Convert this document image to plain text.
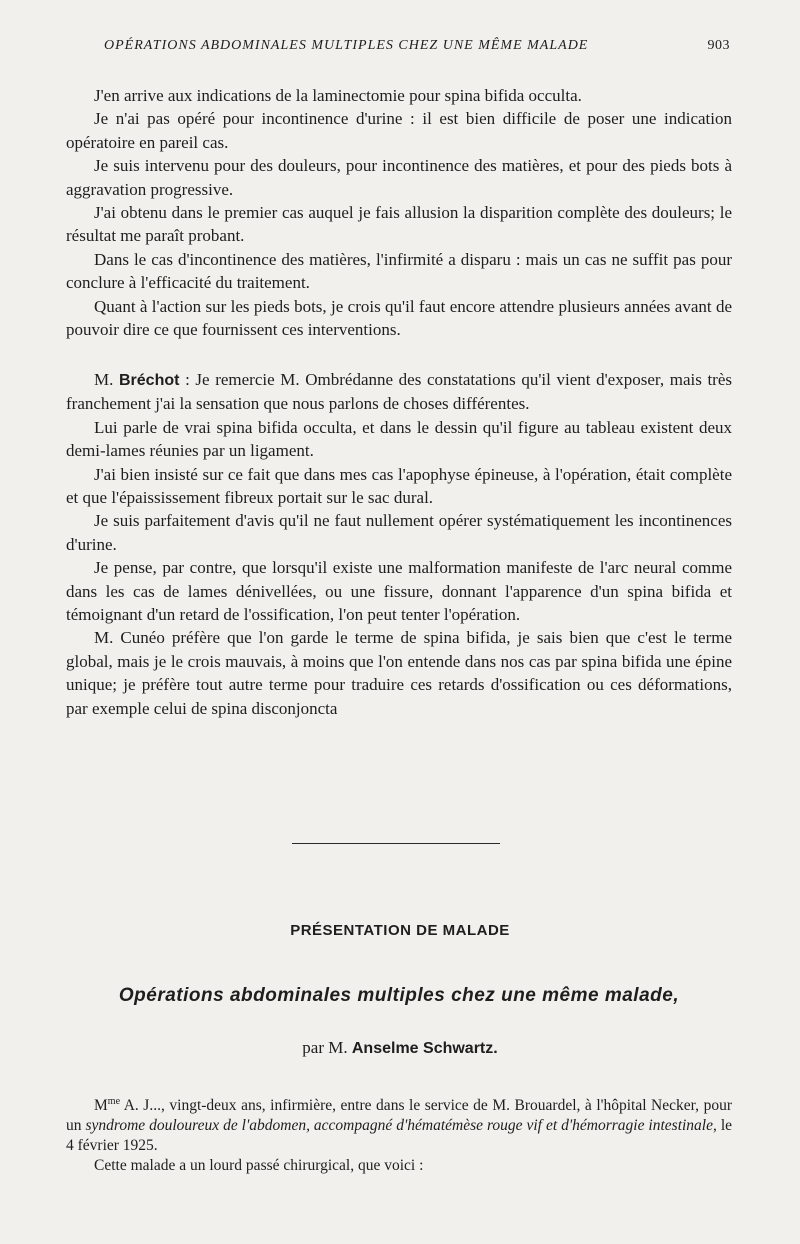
OPÉRATIONS ABDOMINALES MULTIPLES CHEZ UNE MÊME MALADE	903

J'en arrive aux indications de la laminectomie pour spina bifida occulta.

Je n'ai pas opéré pour incontinence d'urine : il est bien difficile de poser une indication opératoire en pareil cas.

Je suis intervenu pour des douleurs, pour incontinence des matières, et pour des pieds bots à aggravation progressive.

J'ai obtenu dans le premier cas auquel je fais allusion la disparition complète des douleurs; le résultat me paraît probant.

Dans le cas d'incontinence des matières, l'infirmité a disparu : mais un cas ne suffit pas pour conclure à l'efficacité du traitement.

Quant à l'action sur les pieds bots, je crois qu'il faut encore attendre plusieurs années avant de pouvoir dire ce que fournissent ces interventions.

M. Bréchot : Je remercie M. Ombrédanne des constatations qu'il vient d'exposer, mais très franchement j'ai la sensation que nous parlons de choses différentes.

Lui parle de vrai spina bifida occulta, et dans le dessin qu'il figure au tableau existent deux demi-lames réunies par un ligament.

J'ai bien insisté sur ce fait que dans mes cas l'apophyse épineuse, à l'opération, était complète et que l'épaississement fibreux portait sur le sac dural.

Je suis parfaitement d'avis qu'il ne faut nullement opérer systématiquement les incontinences d'urine.

Je pense, par contre, que lorsqu'il existe une malformation manifeste de l'arc neural comme dans les cas de lames dénivellées, ou une fissure, donnant l'apparence d'un spina bifida et témoignant d'un retard de l'ossification, l'on peut tenter l'opération.

M. Cunéo préfère que l'on garde le terme de spina bifida, je sais bien que c'est le terme global, mais je le crois mauvais, à moins que l'on entende dans nos cas par spina bifida une épine unique; je préfère tout autre terme pour traduire ces retards d'ossification ou ces déformations, par exemple celui de spina disconjoncta

PRÉSENTATION DE MALADE
Opérations abdominales multiples chez une même malade,
par M. Anselme Schwartz.

$M^{me}$ A. J..., vingt-deux ans, infirmière, entre dans le service de M. Brouardel, à l'hôpital Necker, pour un syndrome douloureux de l'abdomen, accompagné d'hématémèse rouge vif et d'hémorragie intestinale, le 4 février 1925.

Cette malade a un lourd passé chirurgical, que voici :
